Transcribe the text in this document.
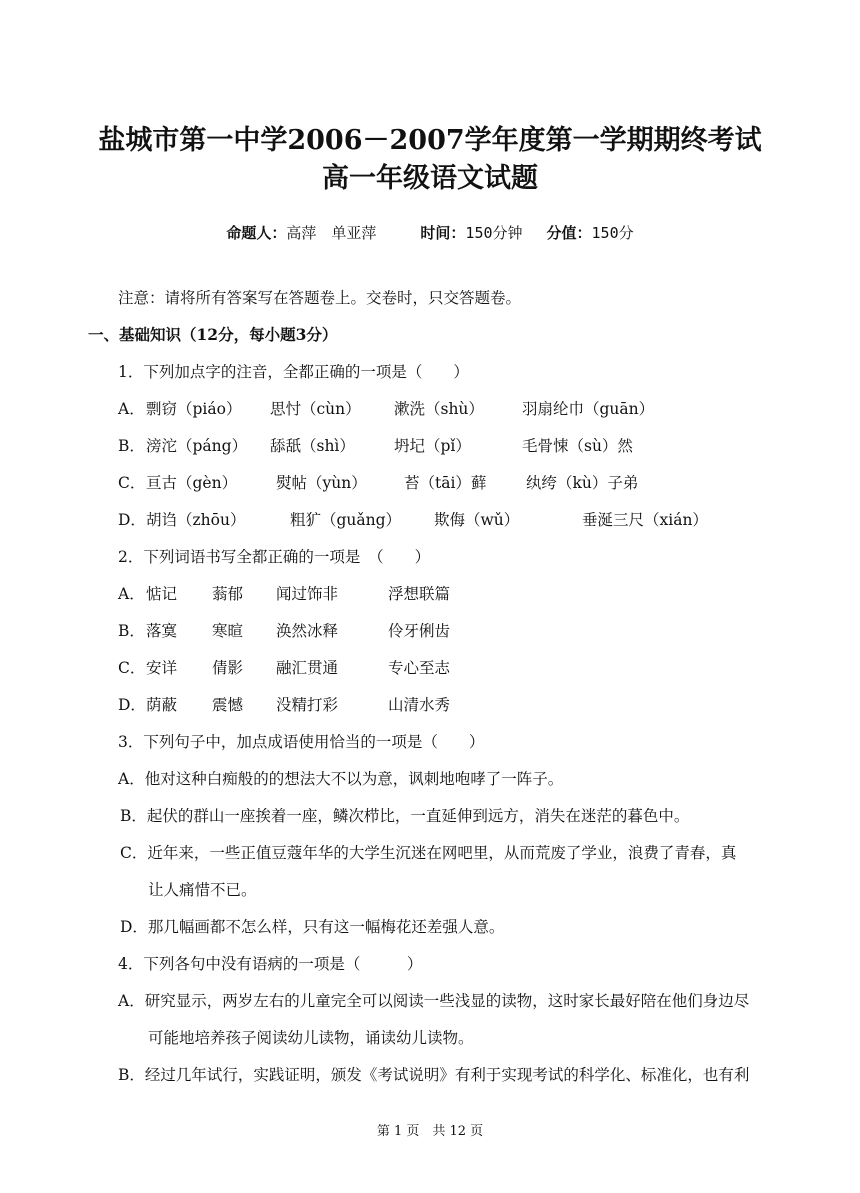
盐城市第一中学2006－2007学年度第一学期期终考试
高一年级语文试题
命题人：高萍　单亚萍	时间：150分钟 分值：150分
注意：请将所有答案写在答题卷上。交卷时，只交答题卷。
一、基础知识（12分，每小题3分）
1．下列加点字的注音，全都正确的一项是（　　）
A．剽窃（piáo） 思忖（cùn） 漱洗（shù） 羽扇纶巾（guān）
B．滂沱（páng） 舔舐（shì）	坍圮（pǐ）	毛骨悚（sù）然
C．亘古（gèn）	熨帖（yùn） 苔（tāi）藓	纨绔（kù）子弟
D．胡诌（zhōu）	粗犷（guǎng） 欺侮（wǔ）	垂涎三尺（xián）
2．下列词语书写全都正确的一项是　（　　）
A．惦记 蓊郁 闻过饰非	浮想联篇
B．落寞 寒暄 涣然冰释	伶牙俐齿
C．安详 倩影 融汇贯通	专心至志
D．荫蔽 震憾 没精打彩	山清水秀
3．下列句子中，加点成语使用恰当的一项是（　　）
A．他对这种白痴般的的想法大不以为意，讽刺地咆哮了一阵子。
B．起伏的群山一座挨着一座，鳞次栉比，一直延伸到远方，消失在迷茫的暮色中。
C．近年来，一些正值豆蔻年华的大学生沉迷在网吧里，从而荒废了学业，浪费了青春，真
让人痛惜不已。
D．那几幅画都不怎么样，只有这一幅梅花还差强人意。
4．下列各句中没有语病的一项是（　　　）
A．研究显示，两岁左右的儿童完全可以阅读一些浅显的读物，这时家长最好陪在他们身边尽
可能地培养孩子阅读幼儿读物，诵读幼儿读物。
B．经过几年试行，实践证明，颁发《考试说明》有利于实现考试的科学化、标准化，也有利
第 1 页　共 12 页
